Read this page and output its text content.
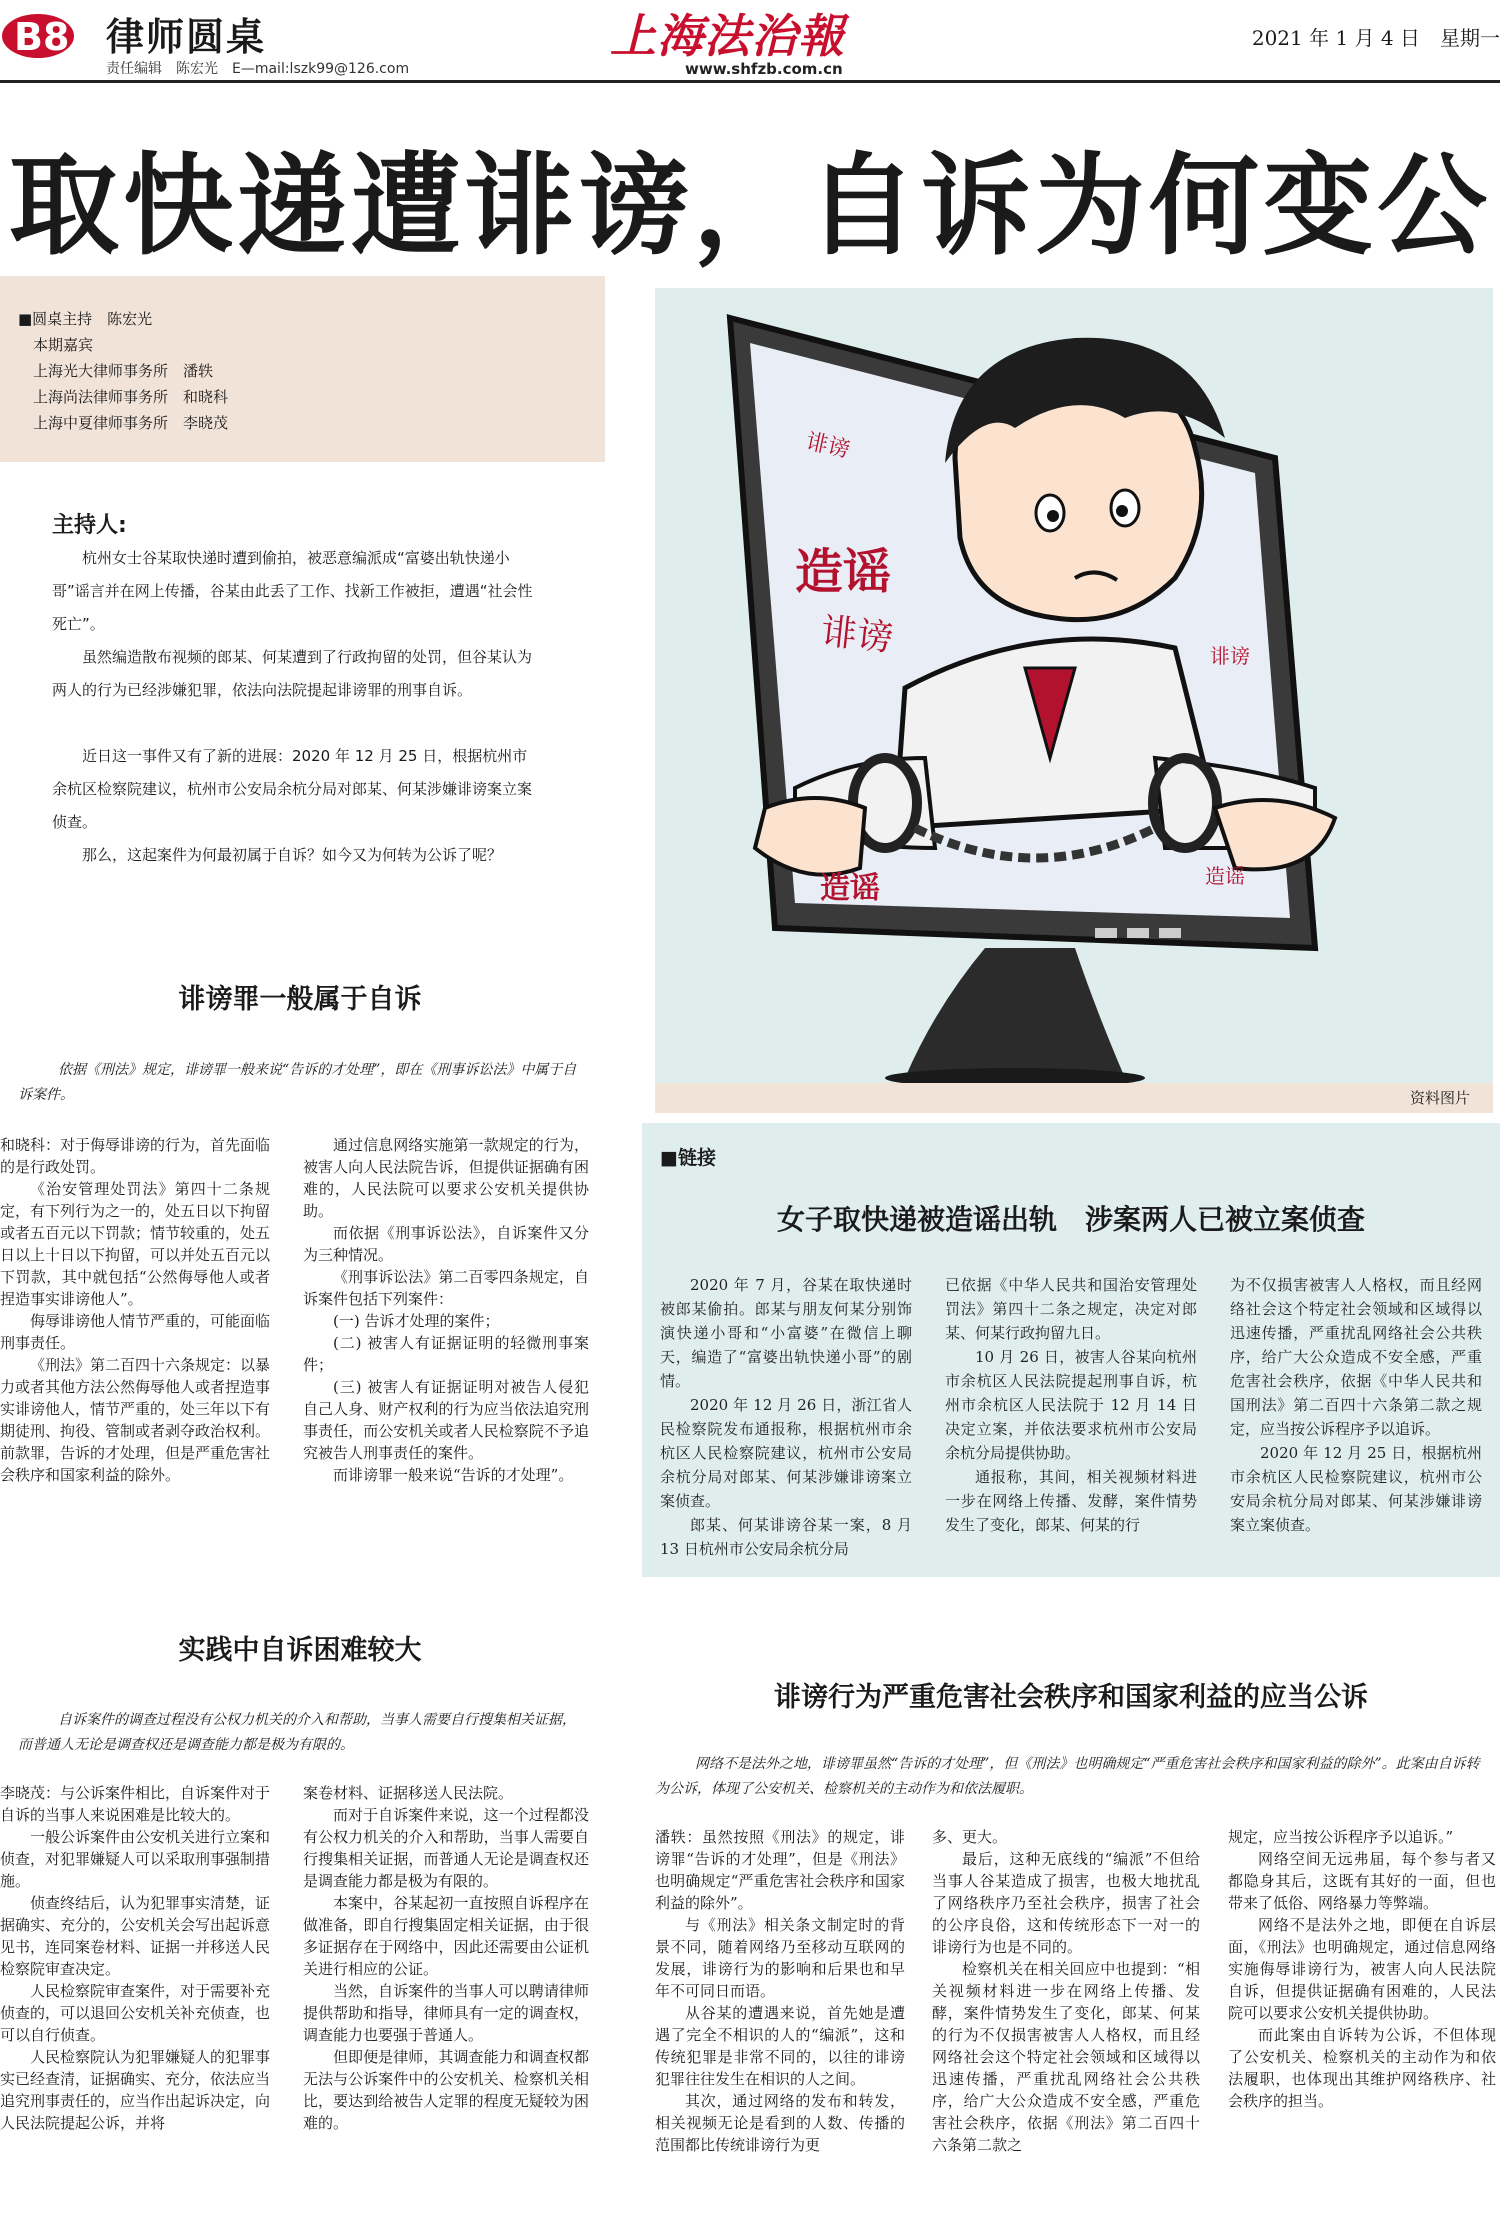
B8 律师圆桌
责任编辑　陈宏光　E—mail:lszk99@126.com
上海法治報
www.shfzb.com.cn
2021 年 1 月 4 日　星期一
取快递遭诽谤，自诉为何变公
■圆桌主持　陈宏光
　本期嘉宾
　上海光大律师事务所　潘轶
　上海尚法律师事务所　和晓科
　上海中夏律师事务所　李晓茂
主持人:

杭州女士谷某取快递时遭到偷拍，被恶意编派成“富婆出轨快递小哥”谣言并在网上传播，谷某由此丢了工作、找新工作被拒，遭遇“社会性死亡”。

虽然编造散布视频的郎某、何某遭到了行政拘留的处罚，但谷某认为两人的行为已经涉嫌犯罪，依法向法院提起诽谤罪的刑事自诉。

近日这一事件又有了新的进展：2020 年 12 月 25 日，根据杭州市余杭区检察院建议，杭州市公安局余杭分局对郎某、何某涉嫌诽谤案立案侦查。

那么，这起案件为何最初属于自诉？如今又为何转为公诉了呢？

诽谤罪一般属于自诉

依据《刑法》规定，诽谤罪一般来说“告诉的才处理”，即在《刑事诉讼法》中属于自诉案件。

和晓科：对于侮辱诽谤的行为，首先面临的是行政处罚。

《治安管理处罚法》第四十二条规定，有下列行为之一的，处五日以下拘留或者五百元以下罚款；情节较重的，处五日以上十日以下拘留，可以并处五百元以下罚款，其中就包括“公然侮辱他人或者捏造事实诽谤他人”。

侮辱诽谤他人情节严重的，可能面临刑事责任。

《刑法》第二百四十六条规定：以暴力或者其他方法公然侮辱他人或者捏造事实诽谤他人，情节严重的，处三年以下有期徒刑、拘役、管制或者剥夺政治权利。前款罪，告诉的才处理，但是严重危害社会秩序和国家利益的除外。

通过信息网络实施第一款规定的行为，被害人向人民法院告诉，但提供证据确有困难的，人民法院可以要求公安机关提供协助。

而依据《刑事诉讼法》，自诉案件又分为三种情况。

《刑事诉讼法》第二百零四条规定，自诉案件包括下列案件：

(一) 告诉才处理的案件；

(二) 被害人有证据证明的轻微刑事案件；

(三) 被害人有证据证明对被告人侵犯自己人身、财产权利的行为应当依法追究刑事责任，而公安机关或者人民检察院不予追究被告人刑事责任的案件。

而诽谤罪一般来说“告诉的才处理”。

实践中自诉困难较大

自诉案件的调查过程没有公权力机关的介入和帮助，当事人需要自行搜集相关证据，而普通人无论是调查权还是调查能力都是极为有限的。

李晓茂：与公诉案件相比，自诉案件对于自诉的当事人来说困难是比较大的。

一般公诉案件由公安机关进行立案和侦查，对犯罪嫌疑人可以采取刑事强制措施。

侦查终结后，认为犯罪事实清楚，证据确实、充分的，公安机关会写出起诉意见书，连同案卷材料、证据一并移送人民检察院审查决定。

人民检察院审查案件，对于需要补充侦查的，可以退回公安机关补充侦查，也可以自行侦查。

人民检察院认为犯罪嫌疑人的犯罪事实已经查清，证据确实、充分，依法应当追究刑事责任的，应当作出起诉决定，向人民法院提起公诉，并将

案卷材料、证据移送人民法院。

而对于自诉案件来说，这一个过程都没有公权力机关的介入和帮助，当事人需要自行搜集相关证据，而普通人无论是调查权还是调查能力都是极为有限的。

本案中，谷某起初一直按照自诉程序在做准备，即自行搜集固定相关证据，由于很多证据存在于网络中，因此还需要由公证机关进行相应的公证。

当然，自诉案件的当事人可以聘请律师提供帮助和指导，律师具有一定的调查权，调查能力也要强于普通人。

但即便是律师，其调查能力和调查权都无法与公诉案件中的公安机关、检察机关相比，要达到给被告人定罪的程度无疑较为困难的。

诽谤
造谣
诽谤	诽谤
造谣	造谣
资料图片
■链接
女子取快递被造谣出轨　涉案两人已被立案侦查

2020 年 7 月，谷某在取快递时被郎某偷拍。郎某与朋友何某分别饰演快递小哥和“小富婆”在微信上聊天，编造了“富婆出轨快递小哥”的剧情。

2020 年 12 月 26 日，浙江省人民检察院发布通报称，根据杭州市余杭区人民检察院建议，杭州市公安局余杭分局对郎某、何某涉嫌诽谤案立案侦查。

郎某、何某诽谤谷某一案，8 月 13 日杭州市公安局余杭分局

已依据《中华人民共和国治安管理处罚法》第四十二条之规定，决定对郎某、何某行政拘留九日。

10 月 26 日，被害人谷某向杭州市余杭区人民法院提起刑事自诉，杭州市余杭区人民法院于 12 月 14 日决定立案，并依法要求杭州市公安局余杭分局提供协助。

通报称，其间，相关视频材料进一步在网络上传播、发酵，案件情势发生了变化，郎某、何某的行

为不仅损害被害人人格权，而且经网络社会这个特定社会领域和区域得以迅速传播，严重扰乱网络社会公共秩序，给广大公众造成不安全感，严重危害社会秩序，依据《中华人民共和国刑法》第二百四十六条第二款之规定，应当按公诉程序予以追诉。

2020 年 12 月 25 日，根据杭州市余杭区人民检察院建议，杭州市公安局余杭分局对郎某、何某涉嫌诽谤案立案侦查。

诽谤行为严重危害社会秩序和国家利益的应当公诉

网络不是法外之地，诽谤罪虽然“告诉的才处理”，但《刑法》也明确规定“严重危害社会秩序和国家利益的除外”。此案由自诉转为公诉，体现了公安机关、检察机关的主动作为和依法履职。

潘轶：虽然按照《刑法》的规定，诽谤罪“告诉的才处理”，但是《刑法》也明确规定“严重危害社会秩序和国家利益的除外”。

与《刑法》相关条文制定时的背景不同，随着网络乃至移动互联网的发展，诽谤行为的影响和后果也和早年不可同日而语。

从谷某的遭遇来说，首先她是遭遇了完全不相识的人的“编派”，这和传统犯罪是非常不同的，以往的诽谤犯罪往往发生在相识的人之间。

其次，通过网络的发布和转发，相关视频无论是看到的人数、传播的范围都比传统诽谤行为更

多、更大。

最后，这种无底线的“编派”不但给当事人谷某造成了损害，也极大地扰乱了网络秩序乃至社会秩序，损害了社会的公序良俗，这和传统形态下一对一的诽谤行为也是不同的。

检察机关在相关回应中也提到：“相关视频材料进一步在网络上传播、发酵，案件情势发生了变化，郎某、何某的行为不仅损害被害人人格权，而且经网络社会这个特定社会领域和区域得以迅速传播，严重扰乱网络社会公共秩序，给广大公众造成不安全感，严重危害社会秩序，依据《刑法》第二百四十六条第二款之

规定，应当按公诉程序予以追诉。”

网络空间无远弗届，每个参与者又都隐身其后，这既有其好的一面，但也带来了低俗、网络暴力等弊端。

网络不是法外之地，即便在自诉层面，《刑法》也明确规定，通过信息网络实施侮辱诽谤行为，被害人向人民法院自诉，但提供证据确有困难的，人民法院可以要求公安机关提供协助。

而此案由自诉转为公诉，不但体现了公安机关、检察机关的主动作为和依法履职，也体现出其维护网络秩序、社会秩序的担当。
